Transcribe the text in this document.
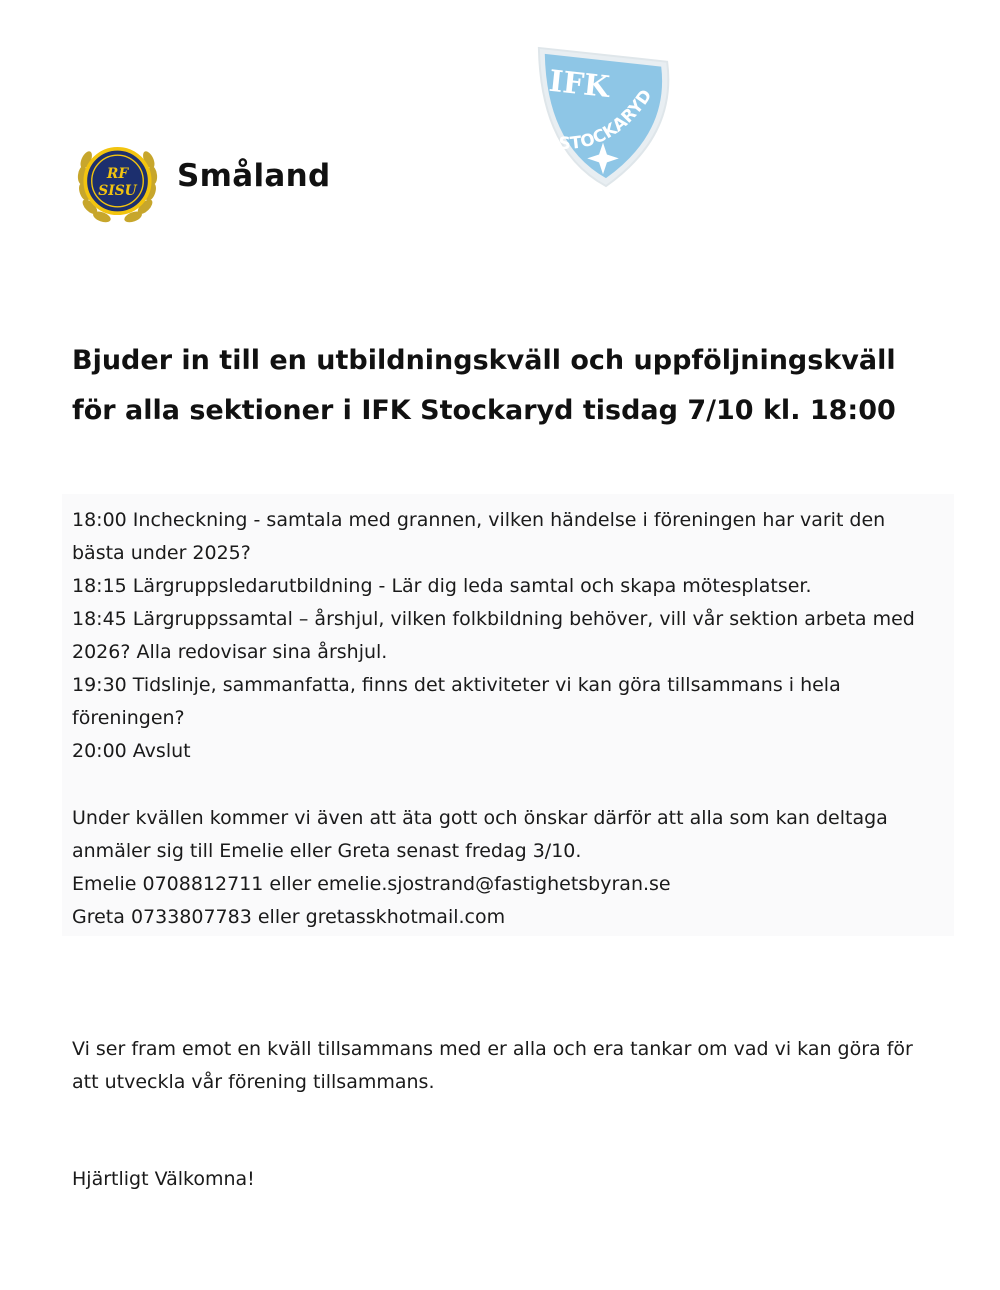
RF
SISU Småland
IFK
STOCKARYD
Bjuder in till en utbildningskväll och uppföljningskväll
för alla sektioner i IFK Stockaryd tisdag 7/10 kl. 18:00
18:00 Incheckning - samtala med grannen, vilken händelse i föreningen har varit den
bästa under 2025?
18:15 Lärgruppsledarutbildning - Lär dig leda samtal och skapa mötesplatser.
18:45 Lärgruppssamtal – årshjul, vilken folkbildning behöver, vill vår sektion arbeta med
2026? Alla redovisar sina årshjul.
19:30 Tidslinje, sammanfatta, finns det aktiviteter vi kan göra tillsammans i hela
föreningen?
20:00 Avslut
Under kvällen kommer vi även att äta gott och önskar därför att alla som kan deltaga
anmäler sig till Emelie eller Greta senast fredag 3/10.
Emelie 0708812711 eller emelie.sjostrand@fastighetsbyran.se
Greta 0733807783 eller gretasskhotmail.com
Vi ser fram emot en kväll tillsammans med er alla och era tankar om vad vi kan göra för
att utveckla vår förening tillsammans.
Hjärtligt Välkomna!
